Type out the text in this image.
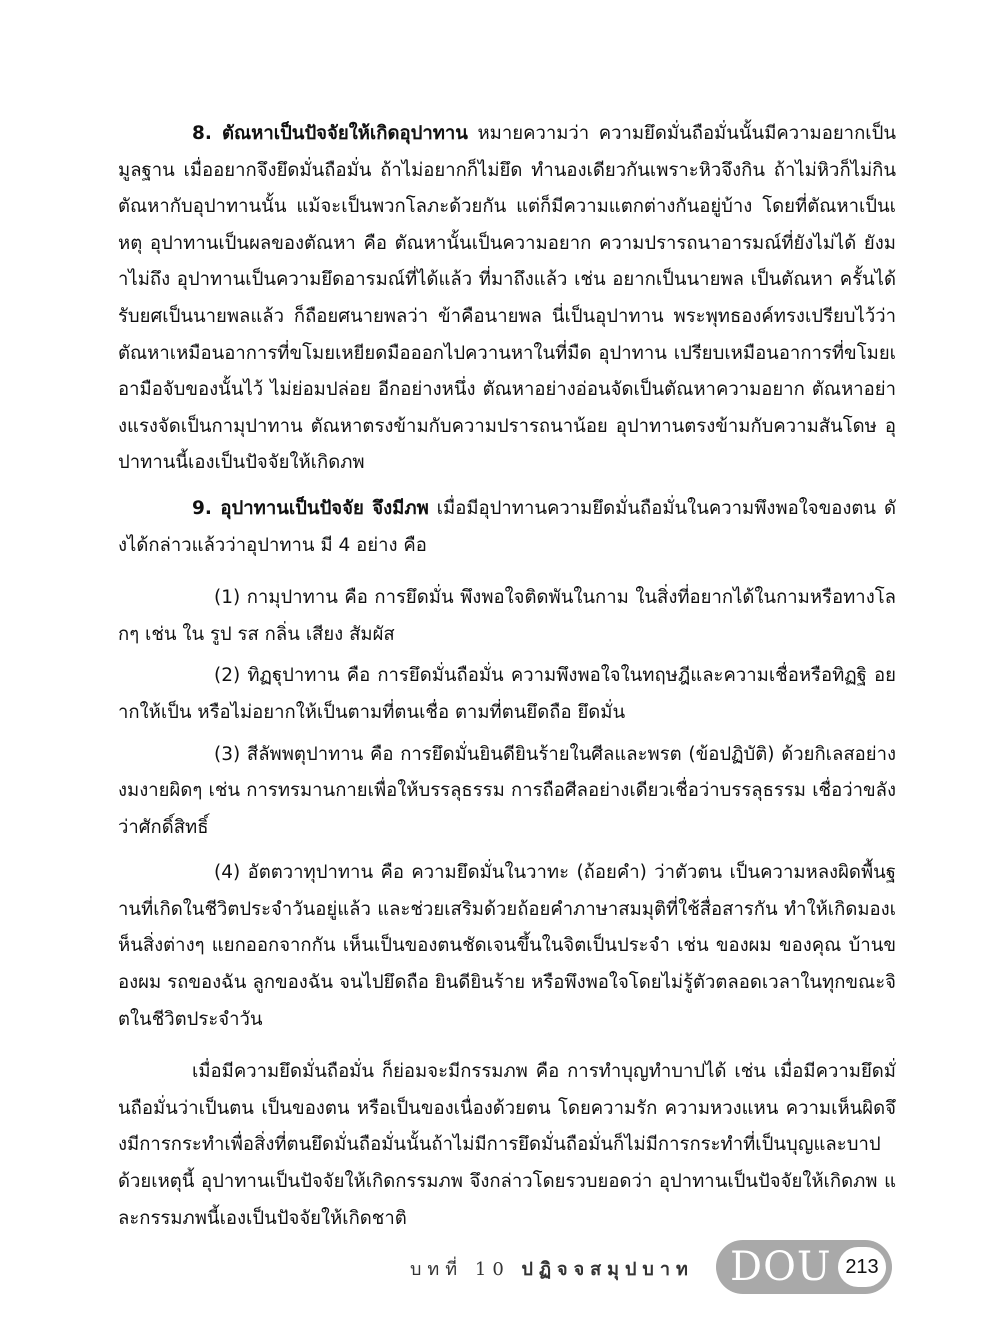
8. ตัณหาเป็นปัจจัยให้เกิดอุปาทาน หมายความว่า ความยึดมั่นถือมั่นนั้นมีความอยากเป็นมูลฐาน เมื่ออยากจึงยึดมั่นถือมั่น ถ้าไม่อยากก็ไม่ยึด ทำนองเดียวกันเพราะหิวจึงกิน ถ้าไม่หิวก็ไม่กิน ตัณหากับอุปาทานนั้น แม้จะเป็นพวกโลภะด้วยกัน แต่ก็มีความแตกต่างกันอยู่บ้าง โดยที่ตัณหาเป็นเหตุ อุปาทานเป็นผลของตัณหา คือ ตัณหานั้นเป็นความอยาก ความปรารถนาอารมณ์ที่ยังไม่ได้ ยังมาไม่ถึง อุปาทานเป็นความยึดอารมณ์ที่ได้แล้ว ที่มาถึงแล้ว เช่น อยากเป็นนายพล เป็นตัณหา ครั้นได้รับยศเป็นนายพลแล้ว ก็ถือยศนายพลว่า ข้าคือนายพล นี่เป็นอุปาทาน พระพุทธองค์ทรงเปรียบไว้ว่า ตัณหาเหมือนอาการที่ขโมยเหยียดมือออกไปควานหาในที่มืด อุปาทาน เปรียบเหมือนอาการที่ขโมยเอามือจับของนั้นไว้ ไม่ย่อมปล่อย อีกอย่างหนึ่ง ตัณหาอย่างอ่อนจัดเป็นตัณหาความอยาก ตัณหาอย่างแรงจัดเป็นกามุปาทาน ตัณหาตรงข้ามกับความปรารถนาน้อย อุปาทานตรงข้ามกับความสันโดษ อุปาทานนี้เองเป็นปัจจัยให้เกิดภพ

9. อุปาทานเป็นปัจจัย จึงมีภพ เมื่อมีอุปาทานความยึดมั่นถือมั่นในความพึงพอใจของตน ดังได้กล่าวแล้วว่าอุปาทาน มี 4 อย่าง คือ

(1) กามุปาทาน คือ การยึดมั่น พึงพอใจติดพันในกาม ในสิ่งที่อยากได้ในกามหรือทางโลกๆ เช่น ใน รูป รส กลิ่น เสียง สัมผัส

(2) ทิฏฐุปาทาน คือ การยึดมั่นถือมั่น ความพึงพอใจในทฤษฎีและความเชื่อหรือทิฏฐิ อยากให้เป็น หรือไม่อยากให้เป็นตามที่ตนเชื่อ ตามที่ตนยึดถือ ยึดมั่น

(3) สีลัพพตุปาทาน คือ การยึดมั่นยินดียินร้ายในศีลและพรต (ข้อปฏิบัติ) ด้วยกิเลสอย่างงมงายผิดๆ เช่น การทรมานกายเพื่อให้บรรลุธรรม การถือศีลอย่างเดียวเชื่อว่าบรรลุธรรม เชื่อว่าขลัง ว่าศักดิ์สิทธิ์

(4) อัตตวาทุปาทาน คือ ความยึดมั่นในวาทะ (ถ้อยคำ) ว่าตัวตน เป็นความหลงผิดพื้นฐานที่เกิดในชีวิตประจำวันอยู่แล้ว และช่วยเสริมด้วยถ้อยคำภาษาสมมุติที่ใช้สื่อสารกัน ทำให้เกิดมองเห็นสิ่งต่างๆ แยกออกจากกัน เห็นเป็นของตนชัดเจนขึ้นในจิตเป็นประจำ เช่น ของผม ของคุณ บ้านของผม รถของฉัน ลูกของฉัน จนไปยึดถือ ยินดียินร้าย หรือพึงพอใจโดยไม่รู้ตัวตลอดเวลาในทุกขณะจิตในชีวิตประจำวัน

เมื่อมีความยึดมั่นถือมั่น ก็ย่อมจะมีกรรมภพ คือ การทำบุญทำบาปได้ เช่น เมื่อมีความยึดมั่นถือมั่นว่าเป็นตน เป็นของตน หรือเป็นของเนื่องด้วยตน โดยความรัก ความหวงแหน ความเห็นผิดจึงมีการกระทำเพื่อสิ่งที่ตนยึดมั่นถือมั่นนั้นถ้าไม่มีการยึดมั่นถือมั่นก็ไม่มีการกระทำที่เป็นบุญและบาป ด้วยเหตุนี้ อุปาทานเป็นปัจจัยให้เกิดกรรมภพ จึงกล่าวโดยรวบยอดว่า อุปาทานเป็นปัจจัยให้เกิดภพ และกรรมภพนี้เองเป็นปัจจัยให้เกิดชาติ

บทที่ 10 ปฏิจจสมุปบาท DOU 213
